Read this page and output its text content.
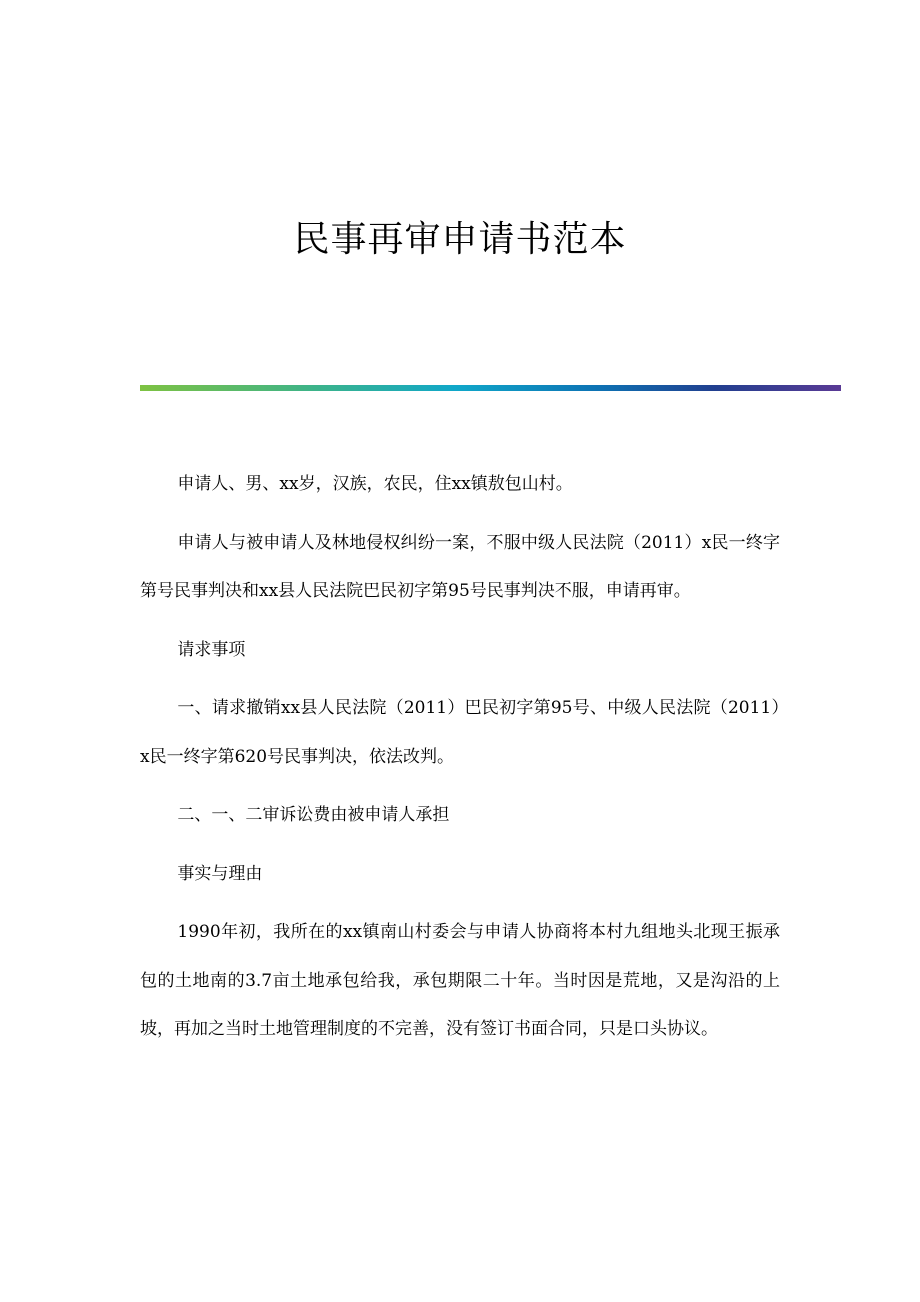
民事再审申请书范本

申请人、男、xx岁，汉族，农民，住xx镇敖包山村。

申请人与被申请人及林地侵权纠纷一案，不服中级人民法院（2011）x民一终字第号民事判决和xx县人民法院巴民初字第95号民事判决不服，申请再审。

请求事项

一、请求撤销xx县人民法院（2011）巴民初字第95号、中级人民法院（2011）x民一终字第620号民事判决，依法改判。

二、一、二审诉讼费由被申请人承担

事实与理由

1990年初，我所在的xx镇南山村委会与申请人协商将本村九组地头北现王振承包的土地南的3.7亩土地承包给我，承包期限二十年。当时因是荒地，又是沟沿的上坡，再加之当时土地管理制度的不完善，没有签订书面合同，只是口头协议。
